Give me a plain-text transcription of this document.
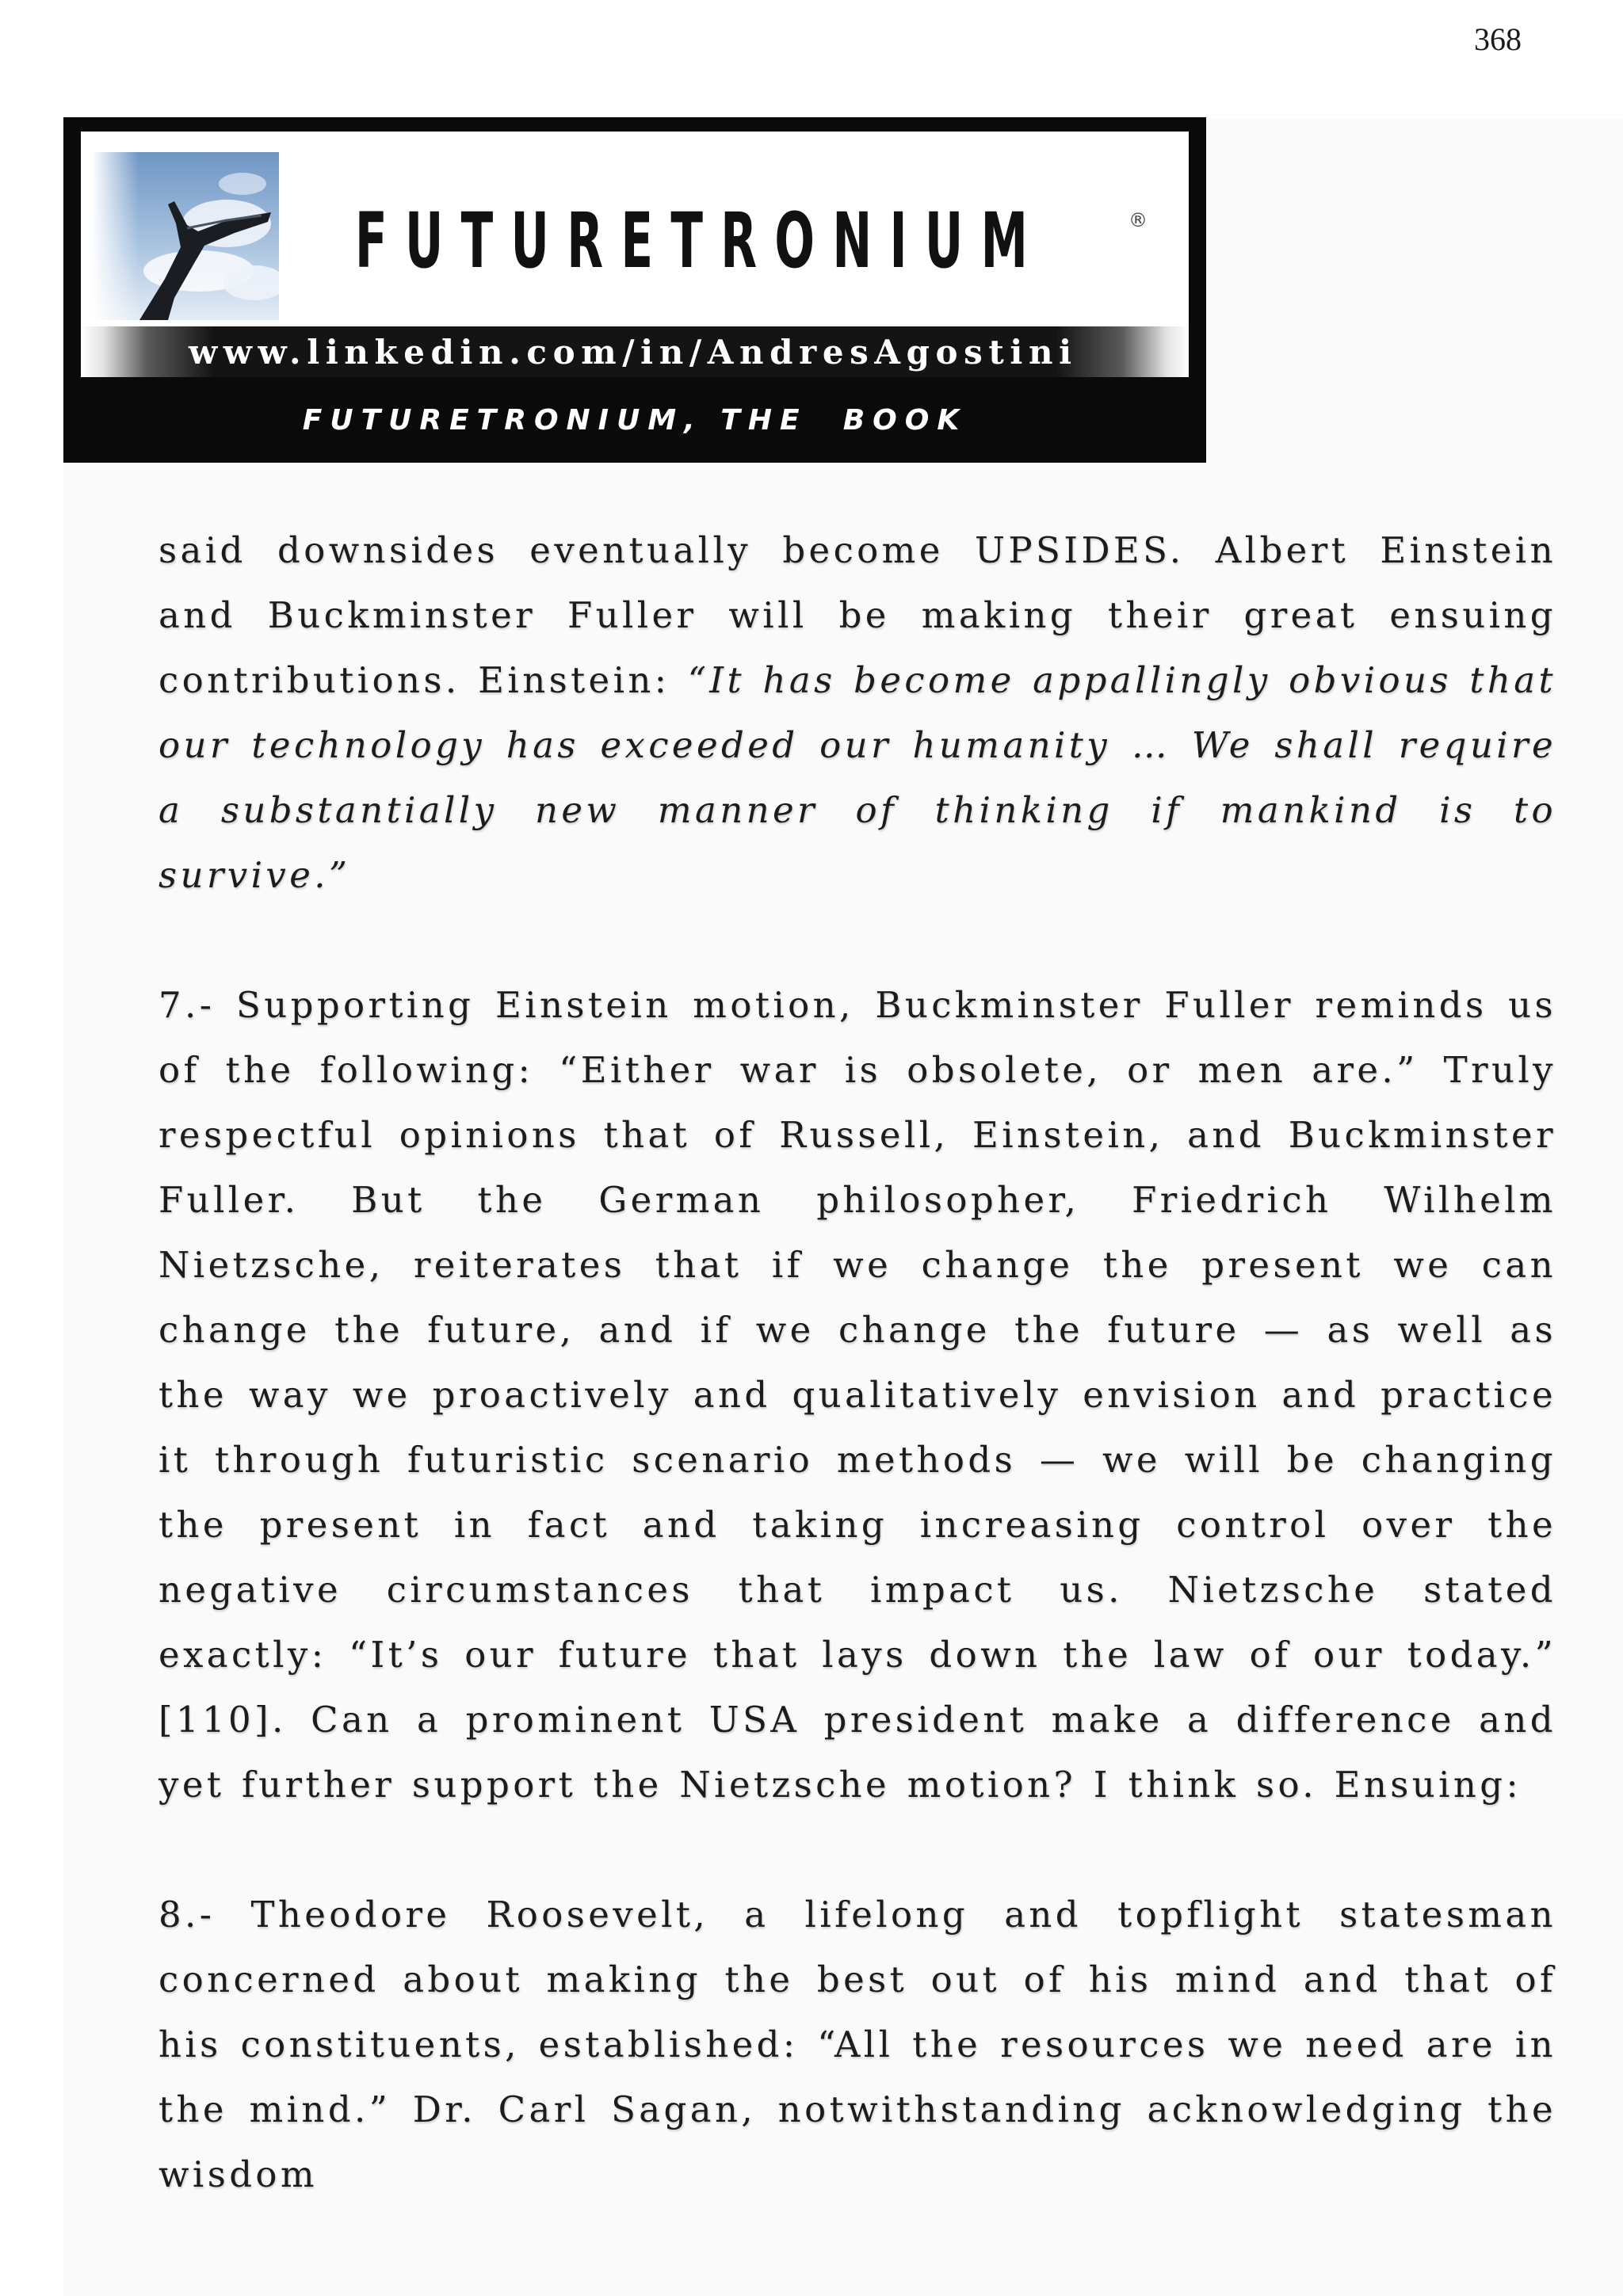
368
FUTURETRONIUM	®
www.linkedin.com/in/AndresAgostini
FUTURETRONIUM, THE  BOOK

said downsides eventually become UPSIDES. Albert Einstein and Buckminster Fuller will be making their great ensuing contributions. Einstein: “It has become appallingly obvious that our technology has exceeded our humanity … We shall require a substantially new manner of thinking if mankind is to survive.”

7.- Supporting Einstein motion, Buckminster Fuller reminds us of the following: “Either war is obsolete, or men are.” Truly respectful opinions that of Russell, Einstein, and Buckminster Fuller. But the German philosopher, Friedrich Wilhelm Nietzsche, reiterates that if we change the present we can change the future, and if we change the future — as well as the way we proactively and qualitatively envision and practice it through futuristic scenario methods — we will be changing the present in fact and taking increasing control over the negative circumstances that impact us. Nietzsche stated exactly: “It’s our future that lays down the law of our today.” [110]. Can a prominent USA president make a difference and yet further support the Nietzsche motion? I think so. Ensuing:

8.- Theodore Roosevelt, a lifelong and topflight statesman concerned about making the best out of his mind and that of his constituents, established: “All the resources we need are in the mind.” Dr. Carl Sagan, notwithstanding acknowledging the wisdom
